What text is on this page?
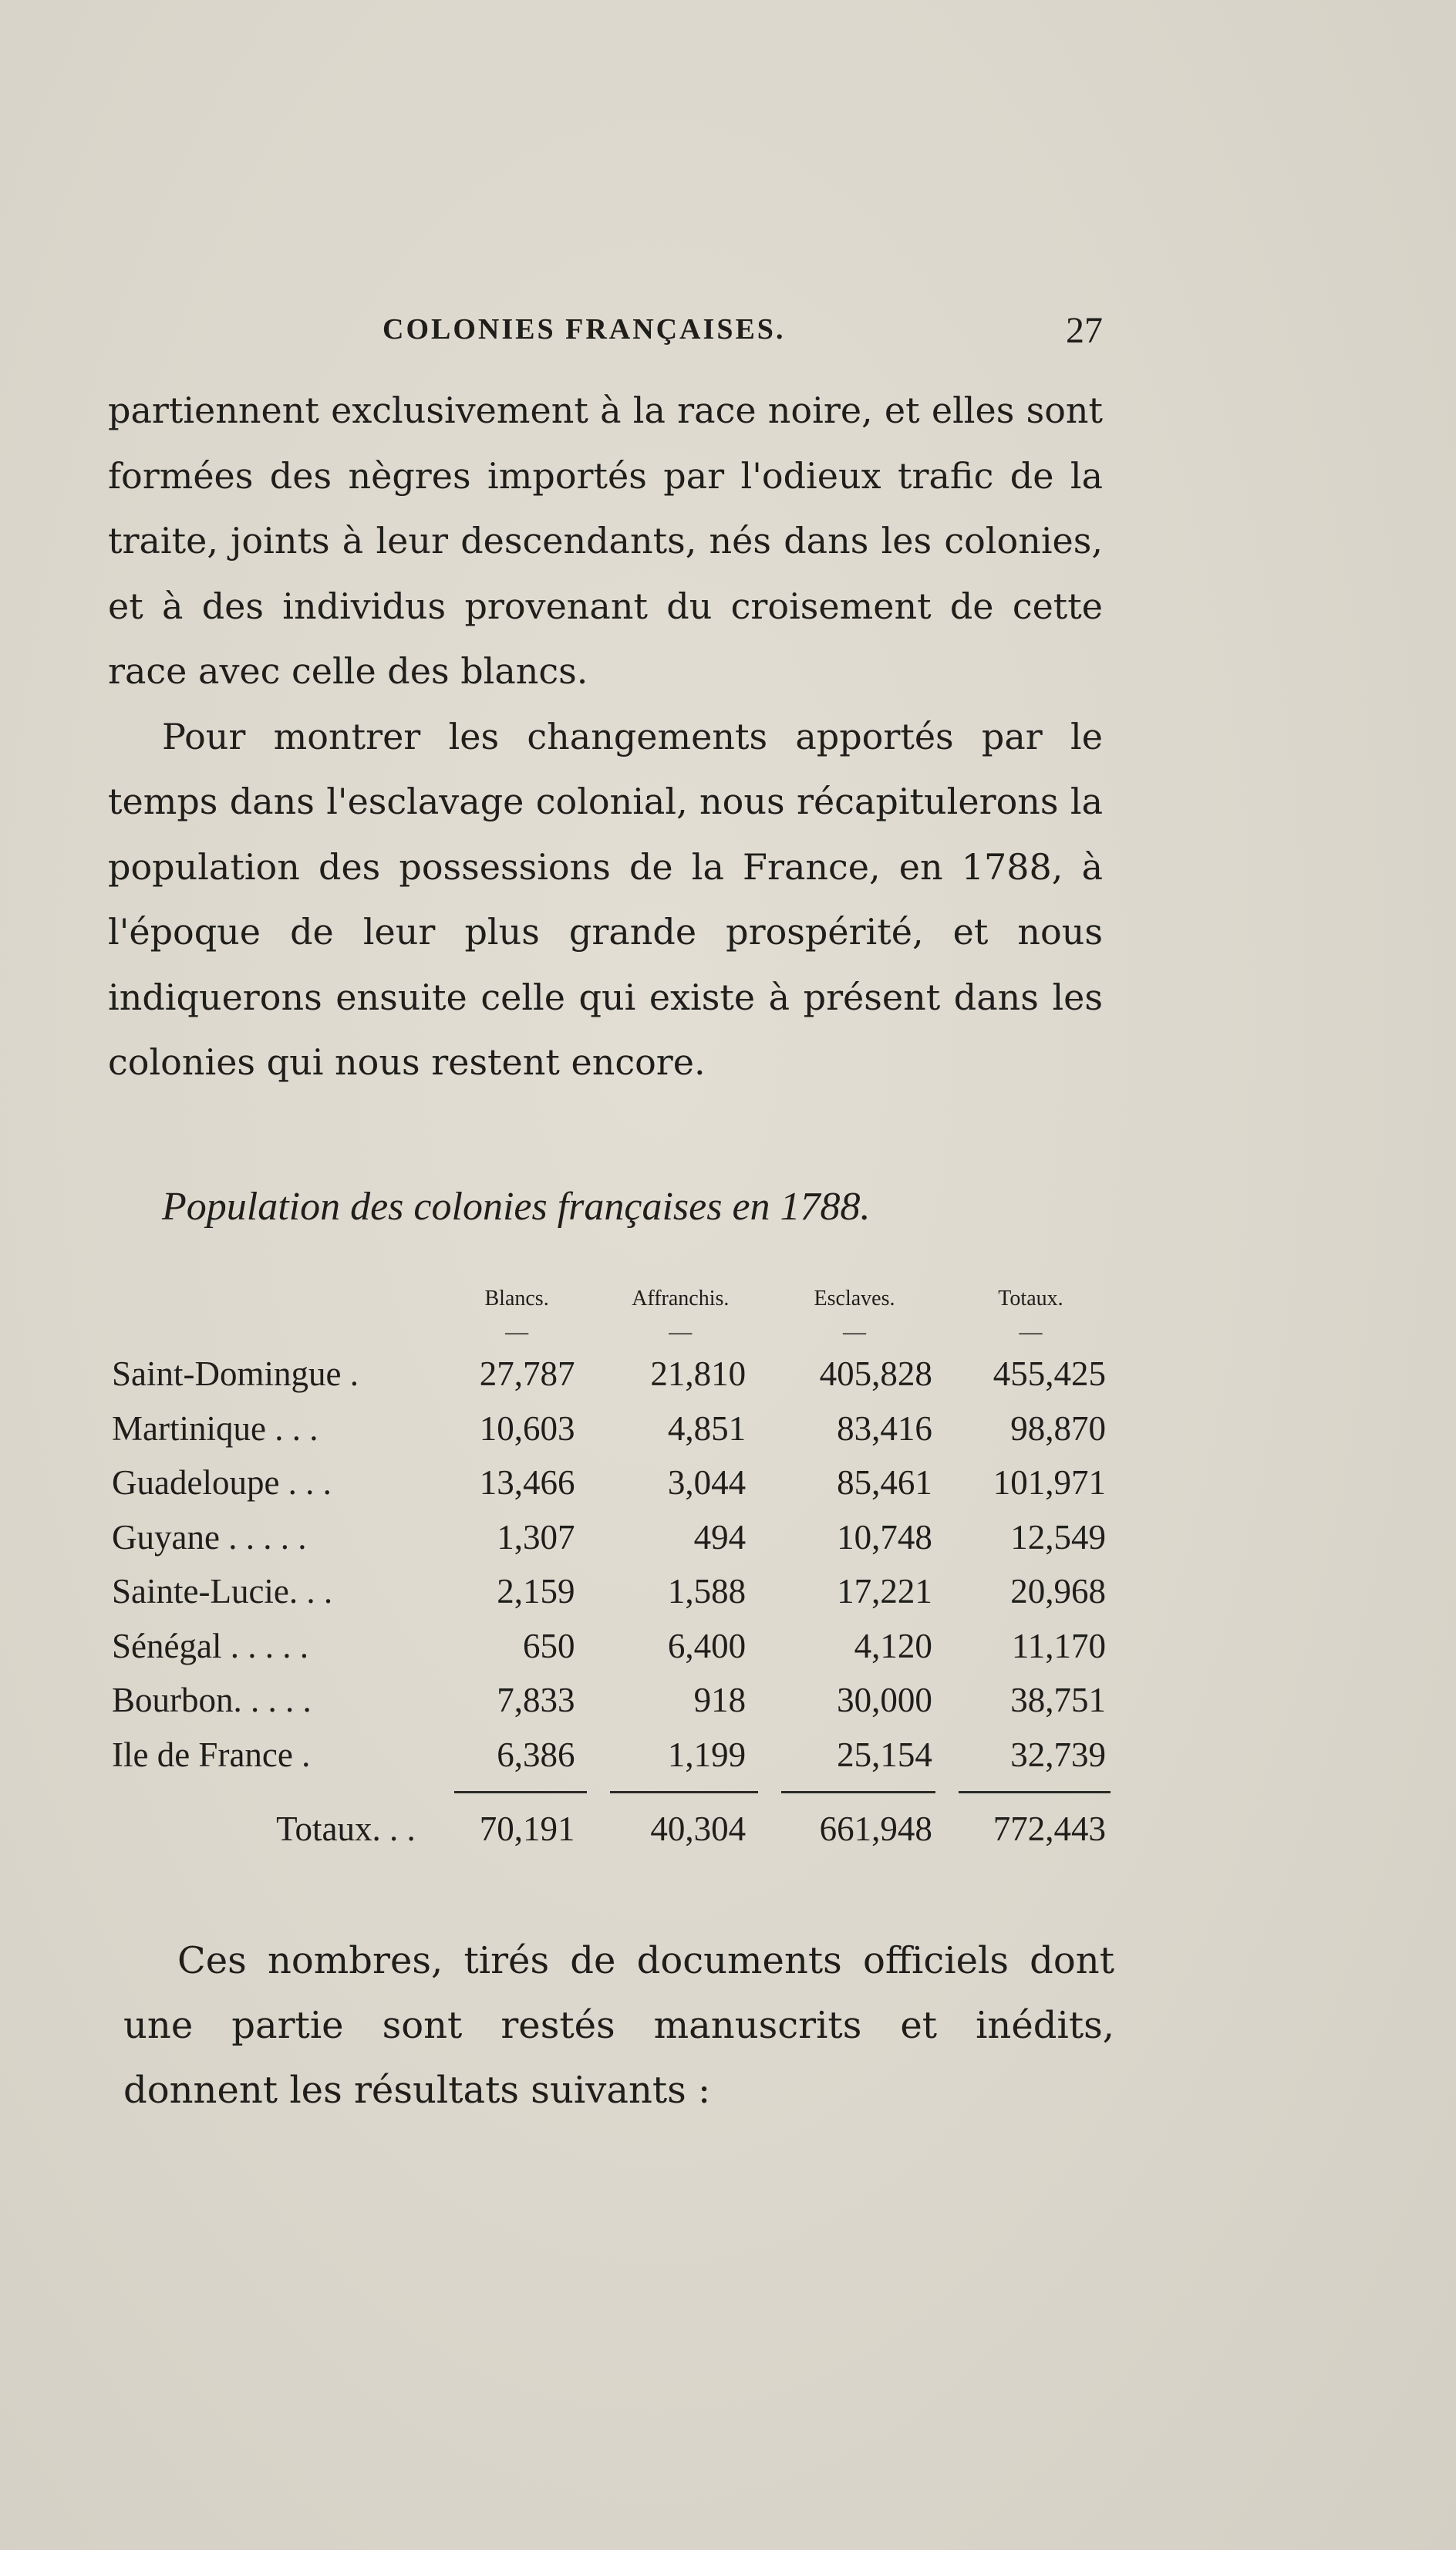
COLONIES FRANÇAISES.	27

partiennent exclusivement à la race noire, et elles sont formées des nègres importés par l'odieux trafic de la traite, joints à leur descendants, nés dans les colonies, et à des individus provenant du croisement de cette race avec celle des blancs.

Pour montrer les changements apportés par le temps dans l'esclavage colonial, nous récapitulerons la population des possessions de la France, en 1788, à l'époque de leur plus grande prospérité, et nous indiquerons ensuite celle qui existe à présent dans les colonies qui nous restent encore.

Population des colonies françaises en 1788.
	Blancs.	Affranchis.	Esclaves.	Totaux.
	—	—	—	—
Saint-Domingue .	27,787	21,810	405,828	455,425
Martinique . . .	10,603	4,851	83,416	98,870
Guadeloupe . . .	13,466	3,044	85,461	101,971
Guyane . . . . .	1,307	494	10,748	12,549
Sainte-Lucie. . .	2,159	1,588	17,221	20,968
Sénégal . . . . .	650	6,400	4,120	11,170
Bourbon. . . . .	7,833	918	30,000	38,751
Ile de France .	6,386	1,199	25,154	32,739

Totaux. . .	70,191	40,304	661,948	772,443

Ces nombres, tirés de documents officiels dont une partie sont restés manuscrits et inédits, donnent les résultats suivants :
